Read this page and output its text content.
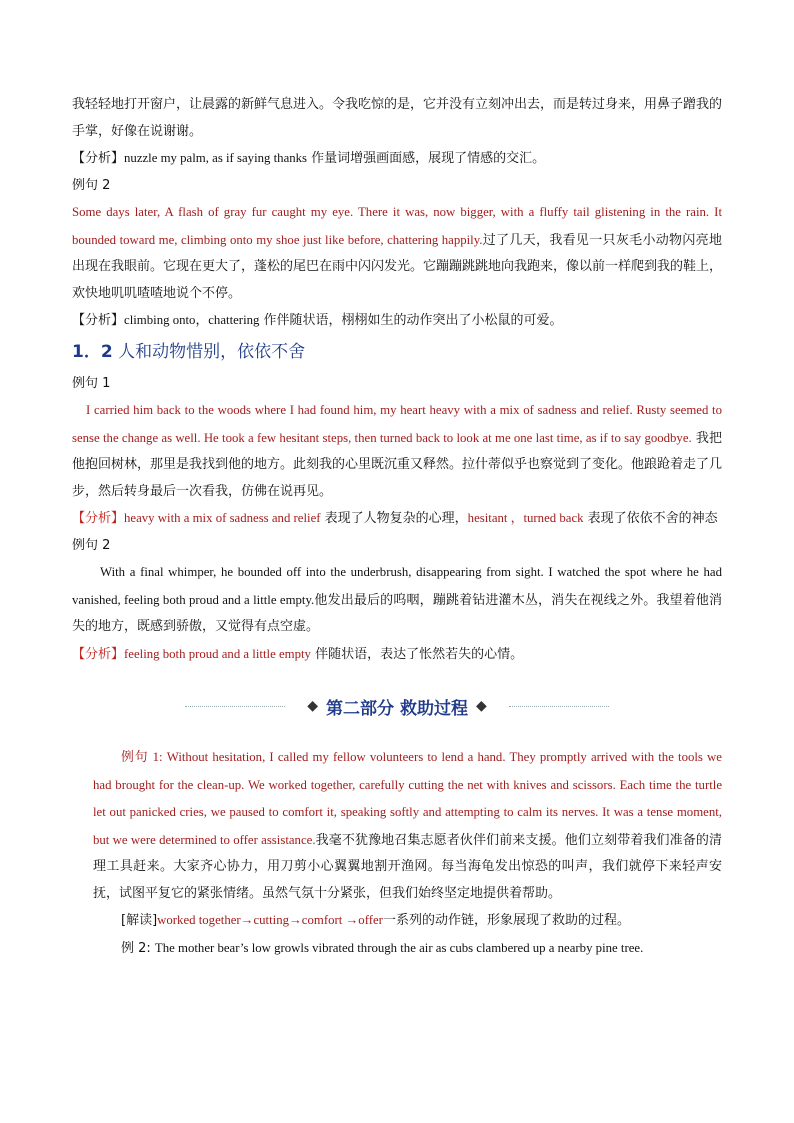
我轻轻地打开窗户，让晨露的新鲜气息进入。令我吃惊的是，它并没有立刻冲出去，而是转过身来，用鼻子蹭我的手掌，好像在说谢谢。

【分析】nuzzle my palm, as if saying thanks 作量词增强画面感，展现了情感的交汇。

例句 2

Some days later, A flash of gray fur caught my eye. There it was, now bigger, with a fluffy tail glistening in the rain. It bounded toward me, climbing onto my shoe just like before, chattering happily.过了几天，我看见一只灰毛小动物闪亮地出现在我眼前。它现在更大了，蓬松的尾巴在雨中闪闪发光。它蹦蹦跳跳地向我跑来，像以前一样爬到我的鞋上，欢快地叽叽喳喳地说个不停。

【分析】climbing onto，chattering 作伴随状语，栩栩如生的动作突出了小松鼠的可爱。

1．2 人和动物惜别，依依不舍

例句 1

I carried him back to the woods where I had found him, my heart heavy with a mix of sadness and relief. Rusty seemed to sense the change as well. He took a few hesitant steps, then turned back to look at me one last time, as if to say goodbye. 我把他抱回树林，那里是我找到他的地方。此刻我的心里既沉重又释然。拉什蒂似乎也察觉到了变化。他踉跄着走了几步，然后转身最后一次看我，仿佛在说再见。

【分析】heavy with a mix of sadness and relief 表现了人物复杂的心理，hesitant ，turned back 表现了依依不舍的神态

例句 2

With a final whimper, he bounded off into the underbrush, disappearing from sight. I watched the spot where he had vanished, feeling both proud and a little empty.他发出最后的呜咽，蹦跳着钻进灌木丛，消失在视线之外。我望着他消失的地方，既感到骄傲，又觉得有点空虚。

【分析】feeling both proud and a little empty 伴随状语，表达了怅然若失的心情。

◆ 第二部分 救助过程 ◆

例句 1: Without hesitation, I called my fellow volunteers to lend a hand. They promptly arrived with the tools we had brought for the clean-up. We worked together, carefully cutting the net with knives and scissors. Each time the turtle let out panicked cries, we paused to comfort it, speaking softly and attempting to calm its nerves. It was a tense moment, but we were determined to offer assistance.我毫不犹豫地召集志愿者伙伴们前来支援。他们立刻带着我们准备的清理工具赶来。大家齐心协力，用刀剪小心翼翼地割开渔网。每当海龟发出惊恐的叫声，我们就停下来轻声安抚，试图平复它的紧张情绪。虽然气氛十分紧张，但我们始终坚定地提供着帮助。

[解读]worked together→cutting→comfort →offer一系列的动作链，形象展现了救助的过程。

例 2: The mother bear’s low growls vibrated through the air as cubs clambered up a nearby pine tree.
